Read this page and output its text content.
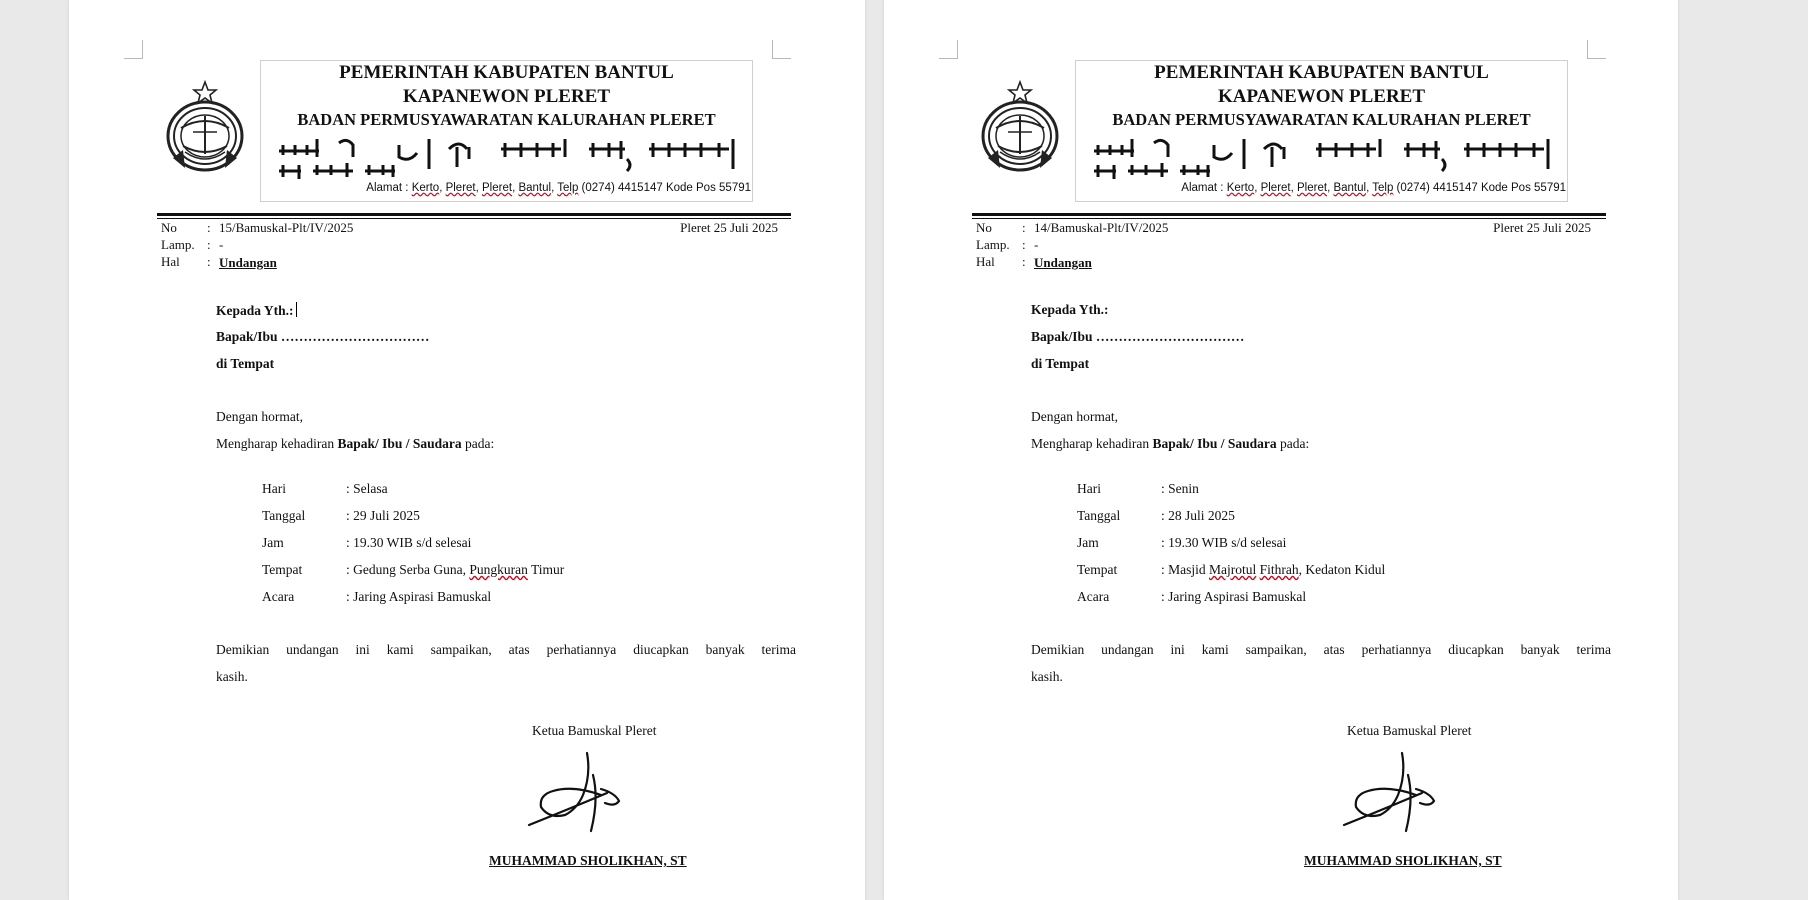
PEMERINTAH KABUPATEN BANTUL
KAPANEWON PLERET
BADAN PERMUSYAWARATAN KALURAHAN PLERET
Alamat : Kerto, Pleret, Pleret, Bantul, Telp (0274) 4415147 Kode Pos 55791
No : 15/Bamuskal-Plt/IV/2025	Pleret 25 Juli 2025
Lamp. : -
Hal : Undangan
Kepada Yth.:
Bapak/Ibu ……………………………
di Tempat
Dengan hormat,
Mengharap kehadiran Bapak/ Ibu / Saudara pada:
Hari	: Selasa
Tanggal	: 29 Juli 2025
Jam	: 19.30 WIB s/d selesai
Tempat	: Gedung Serba Guna, Pungkuran Timur
Acara	: Jaring Aspirasi Bamuskal
Demikian undangan ini kami sampaikan, atas perhatiannya diucapkan banyak terima
kasih.
Ketua Bamuskal Pleret
MUHAMMAD SHOLIKHAN, ST
PEMERINTAH KABUPATEN BANTUL
KAPANEWON PLERET
BADAN PERMUSYAWARATAN KALURAHAN PLERET
Alamat : Kerto, Pleret, Pleret, Bantul, Telp (0274) 4415147 Kode Pos 55791
No : 14/Bamuskal-Plt/IV/2025	Pleret 25 Juli 2025
Lamp. : -
Hal : Undangan
Kepada Yth.:
Bapak/Ibu ……………………………
di Tempat
Dengan hormat,
Mengharap kehadiran Bapak/ Ibu / Saudara pada:
Hari	: Senin
Tanggal	: 28 Juli 2025
Jam	: 19.30 WIB s/d selesai
Tempat	: Masjid Majrotul Fithrah, Kedaton Kidul
Acara	: Jaring Aspirasi Bamuskal
Demikian undangan ini kami sampaikan, atas perhatiannya diucapkan banyak terima
kasih.
Ketua Bamuskal Pleret
MUHAMMAD SHOLIKHAN, ST
